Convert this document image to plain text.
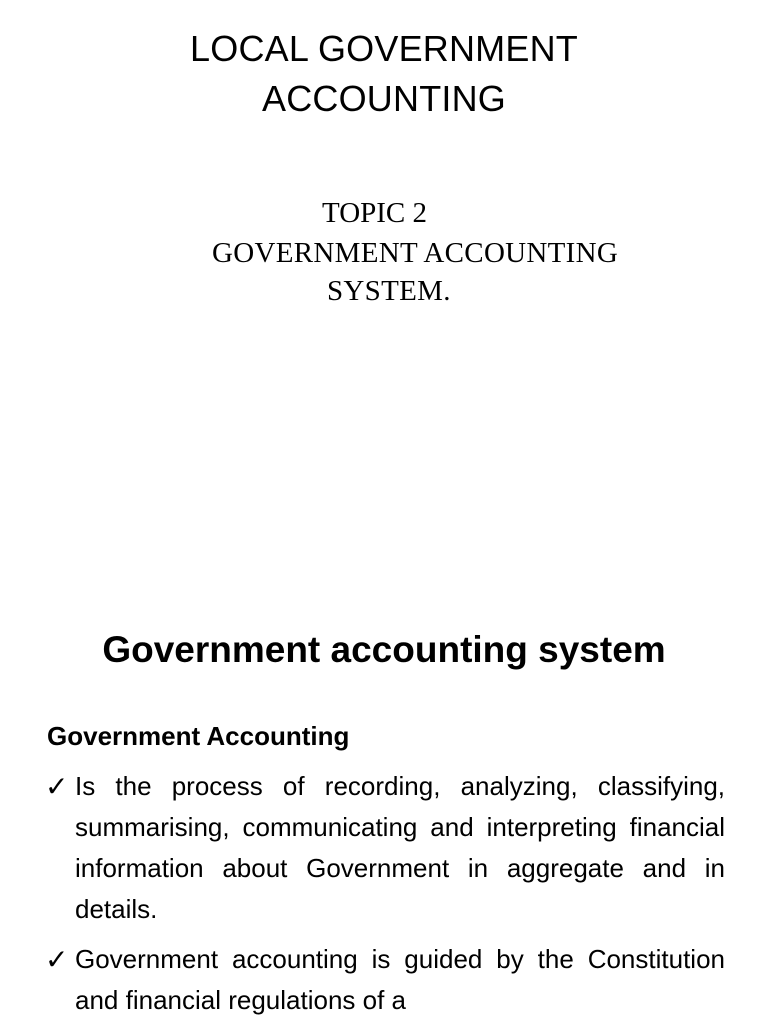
LOCAL GOVERNMENT
ACCOUNTING
TOPIC 2
GOVERNMENT ACCOUNTING
SYSTEM.
Government accounting system
Government Accounting
✓ Is the process of recording, analyzing, classifying, summarising, communicating and interpreting financial information about Government in aggregate and in details.
✓ Government accounting is guided by the Constitution and financial regulations of a
